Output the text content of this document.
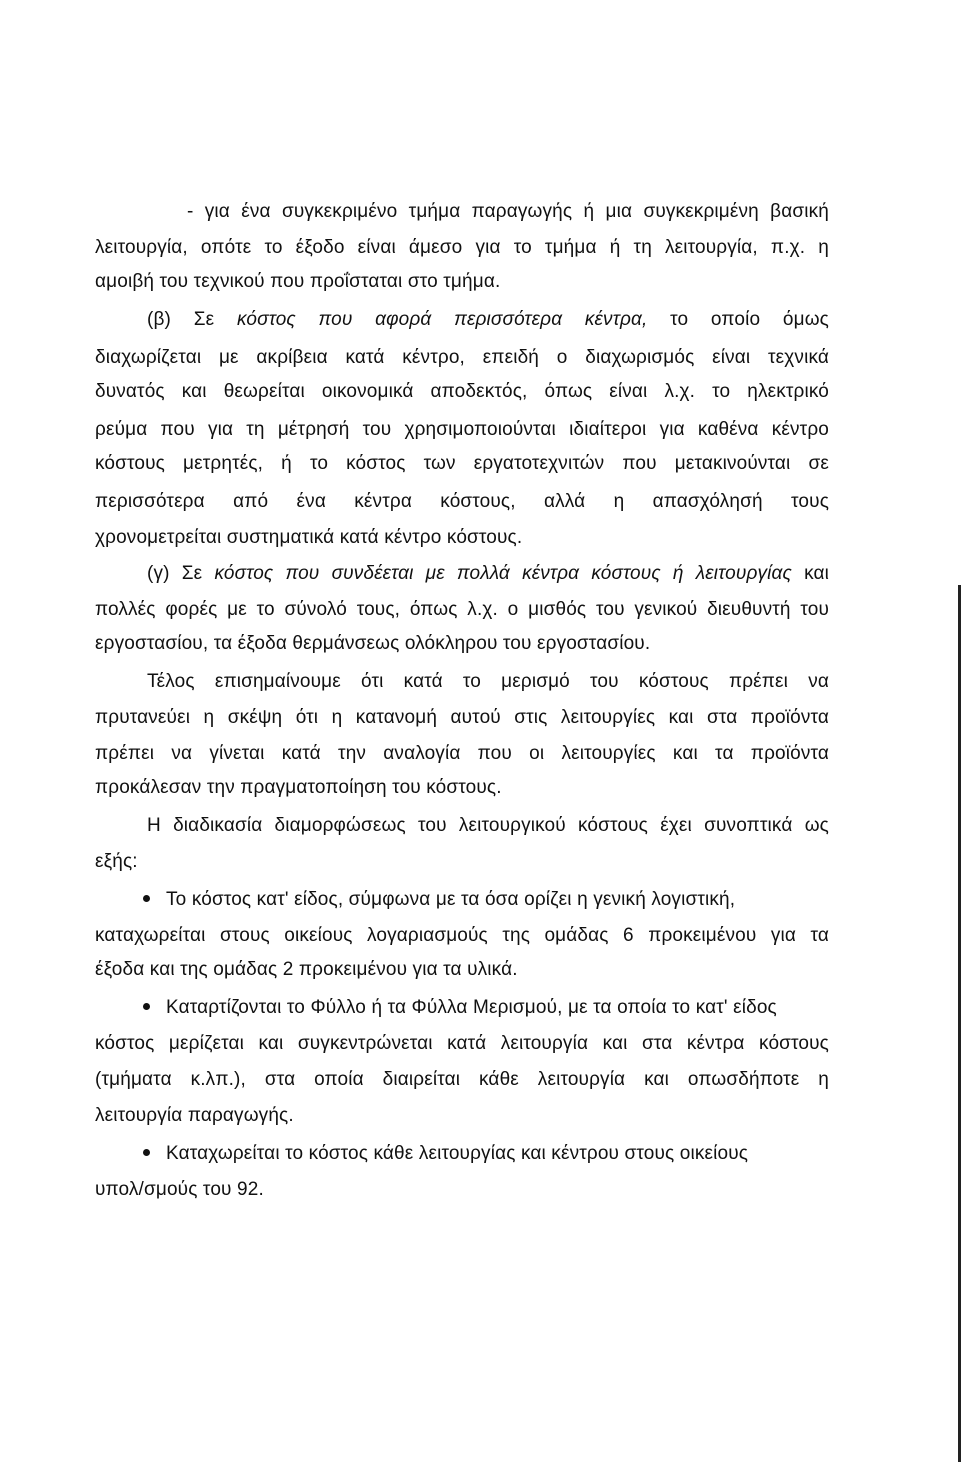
- για ένα συγκεκριμένο τμήμα παραγωγής ή μια συγκεκριμένη βασική
λειτουργία, οπότε το έξοδο είναι άμεσο για το τμήμα ή τη λειτουργία, π.χ. η
αμοιβή του τεχνικού που προΐσταται στο τμήμα.
(β) Σε κόστος που αφορά περισσότερα κέντρα, το οποίο όμως
διαχωρίζεται με ακρίβεια κατά κέντρο, επειδή ο διαχωρισμός είναι τεχνικά
δυνατός και θεωρείται οικονομικά αποδεκτός, όπως είναι λ.χ. το ηλεκτρικό
ρεύμα που για τη μέτρησή του χρησιμοποιούνται ιδιαίτεροι για καθένα κέντρο
κόστους μετρητές, ή το κόστος των εργατοτεχνιτών που μετακινούνται σε
περισσότερα από ένα κέντρα κόστους, αλλά η απασχόλησή τους
χρονομετρείται συστηματικά κατά κέντρο κόστους.
(γ) Σε κόστος που συνδέεται με πολλά κέντρα κόστους ή λειτουργίας και
πολλές φορές με το σύνολό τους, όπως λ.χ. ο μισθός του γενικού διευθυντή του
εργοστασίου, τα έξοδα θερμάνσεως ολόκληρου του εργοστασίου.
Τέλος επισημαίνουμε ότι κατά το μερισμό του κόστους πρέπει να
πρυτανεύει η σκέψη ότι η κατανομή αυτού στις λειτουργίες και στα προϊόντα
πρέπει να γίνεται κατά την αναλογία που οι λειτουργίες και τα προϊόντα
προκάλεσαν την πραγματοποίηση του κόστους.
Η διαδικασία διαμορφώσεως του λειτουργικού κόστους έχει συνοπτικά ως
εξής:
Το κόστος κατ' είδος, σύμφωνα με τα όσα ορίζει η γενική λογιστική,
καταχωρείται στους οικείους λογαριασμούς της ομάδας 6 προκειμένου για τα
έξοδα και της ομάδας 2 προκειμένου για τα υλικά.
Καταρτίζονται το Φύλλο ή τα Φύλλα Μερισμού, με τα οποία το κατ' είδος
κόστος μερίζεται και συγκεντρώνεται κατά λειτουργία και στα κέντρα κόστους
(τμήματα κ.λπ.), στα οποία διαιρείται κάθε λειτουργία και οπωσδήποτε η
λειτουργία παραγωγής.
Καταχωρείται το κόστος κάθε λειτουργίας και κέντρου στους οικείους
υπολ/σμούς του 92.
